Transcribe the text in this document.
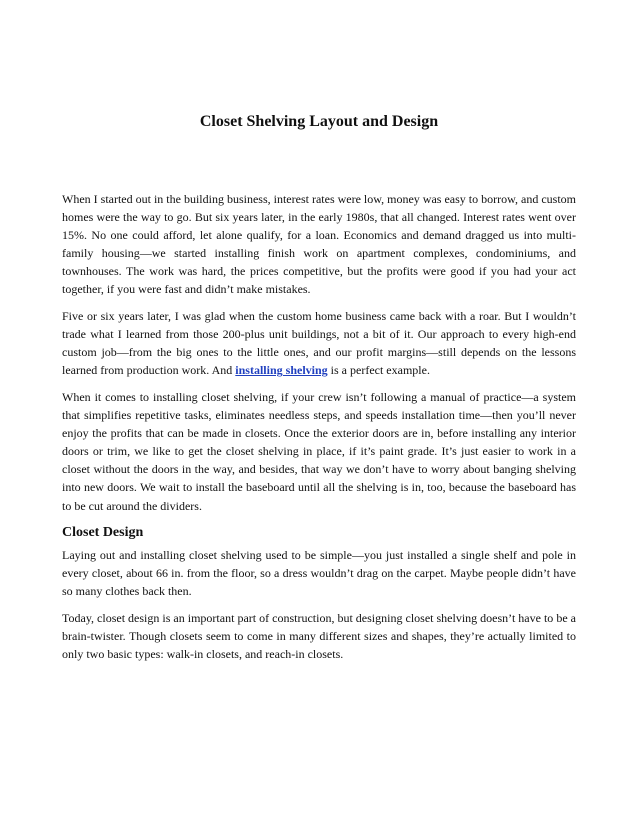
Closet Shelving Layout and Design

When I started out in the building business, interest rates were low, money was easy to borrow, and custom homes were the way to go. But six years later, in the early 1980s, that all changed. Interest rates went over 15%. No one could afford, let alone qualify, for a loan. Economics and demand dragged us into multi-family housing—we started installing finish work on apartment complexes, condominiums, and townhouses. The work was hard, the prices competitive, but the profits were good if you had your act together, if you were fast and didn’t make mistakes.

Five or six years later, I was glad when the custom home business came back with a roar. But I wouldn’t trade what I learned from those 200-plus unit buildings, not a bit of it. Our approach to every high-end custom job—from the big ones to the little ones, and our profit margins—still depends on the lessons learned from production work. And installing shelving is a perfect example.

When it comes to installing closet shelving, if your crew isn’t following a manual of practice—a system that simplifies repetitive tasks, eliminates needless steps, and speeds installation time—then you’ll never enjoy the profits that can be made in closets. Once the exterior doors are in, before installing any interior doors or trim, we like to get the closet shelving in place, if it’s paint grade. It’s just easier to work in a closet without the doors in the way, and besides, that way we don’t have to worry about banging shelving into new doors. We wait to install the baseboard until all the shelving is in, too, because the baseboard has to be cut around the dividers.

Closet Design

Laying out and installing closet shelving used to be simple—you just installed a single shelf and pole in every closet, about 66 in. from the floor, so a dress wouldn’t drag on the carpet. Maybe people didn’t have so many clothes back then.

Today, closet design is an important part of construction, but designing closet shelving doesn’t have to be a brain-twister. Though closets seem to come in many different sizes and shapes, they’re actually limited to only two basic types: walk-in closets, and reach-in closets.
